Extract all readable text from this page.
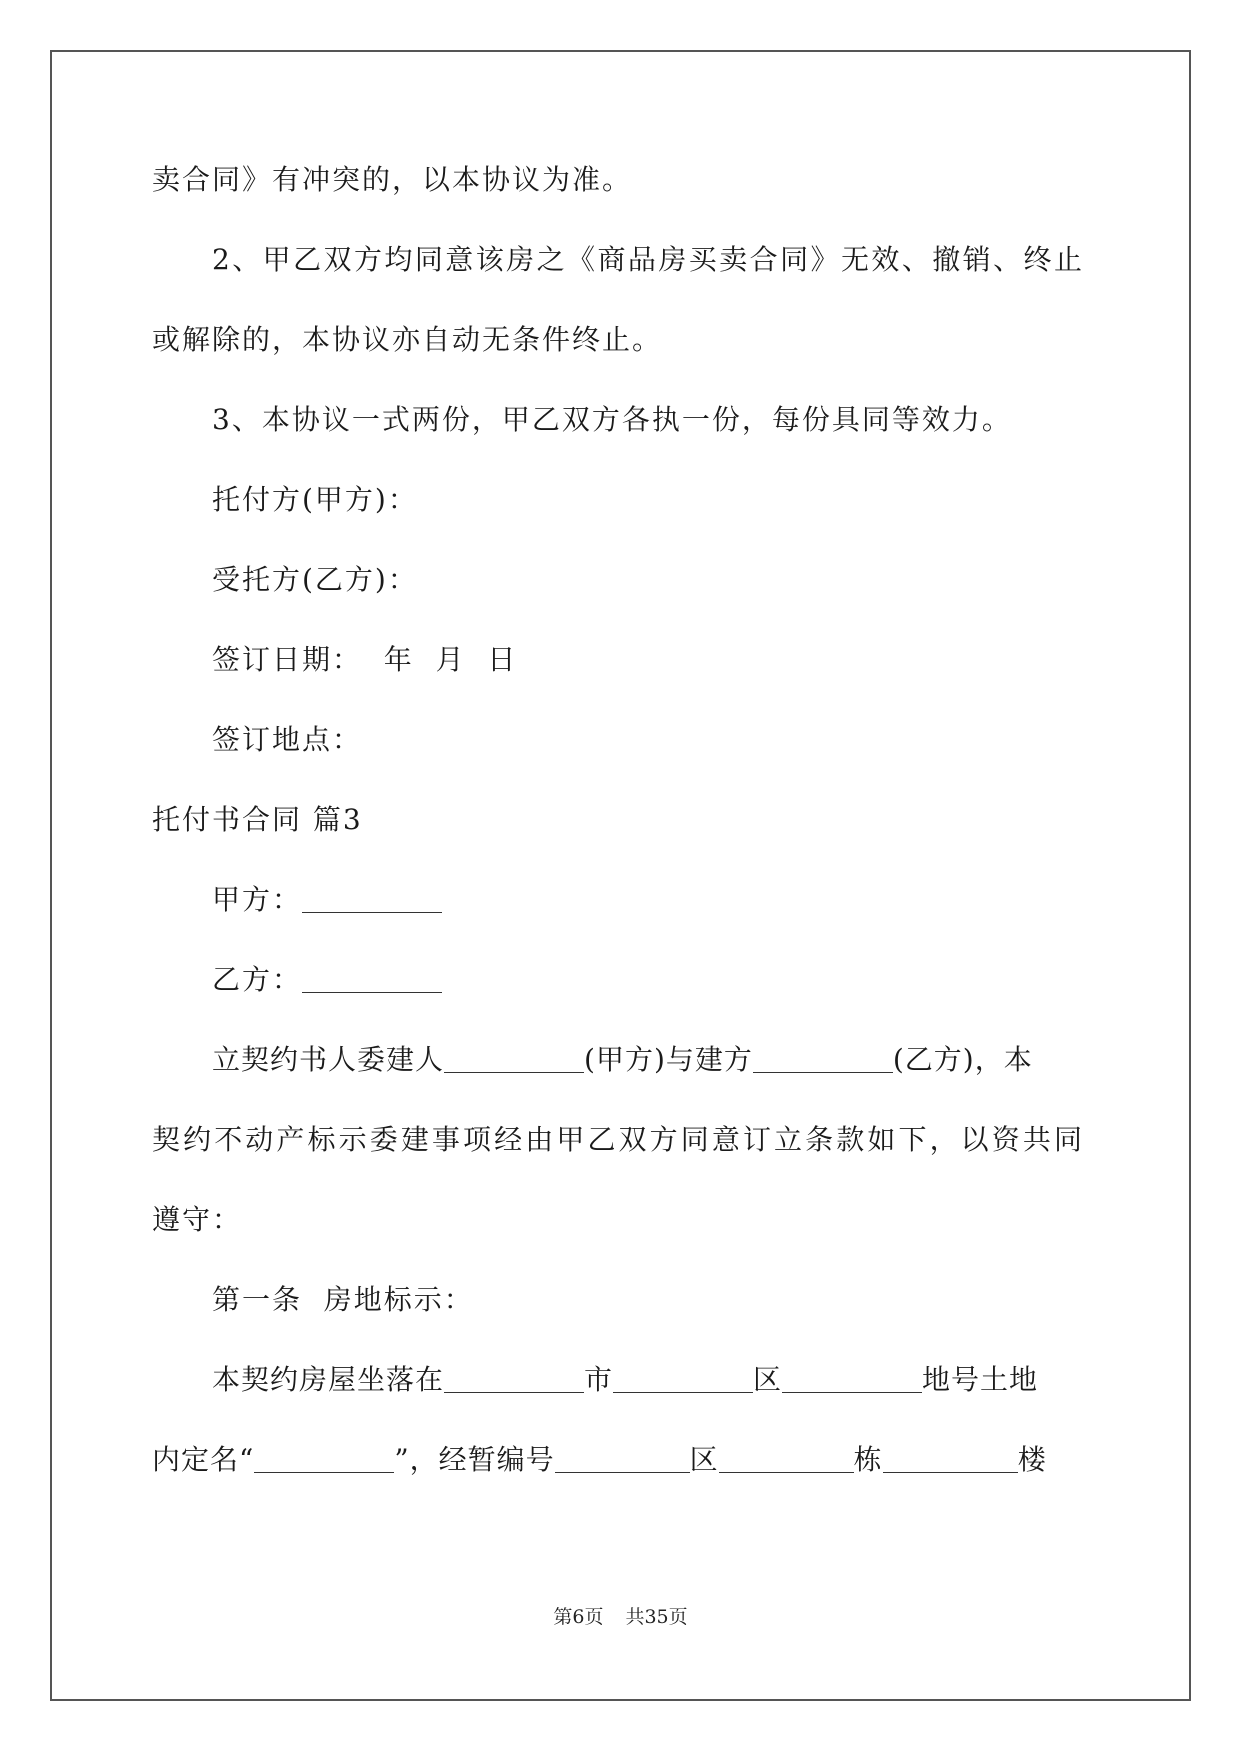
卖合同》有冲突的，以本协议为准。
2、甲乙双方均同意该房之《商品房买卖合同》无效、撤销、终止
或解除的，本协议亦自动无条件终止。
3、本协议一式两份，甲乙双方各执一份，每份具同等效力。
托付方(甲方)：
受托方(乙方)：
签订日期：  年  月  日
签订地点：
托付书合同 篇3
甲方：
乙方：
立契约书人委建人	(甲方)与建方	(乙方)，本
契约不动产标示委建事项经由甲乙双方同意订立条款如下，以资共同
遵守：
第一条  房地标示：
本契约房屋坐落在	市	区	地号土地
内定名“	”，经暂编号	区	栋	楼
第6页 共35页
